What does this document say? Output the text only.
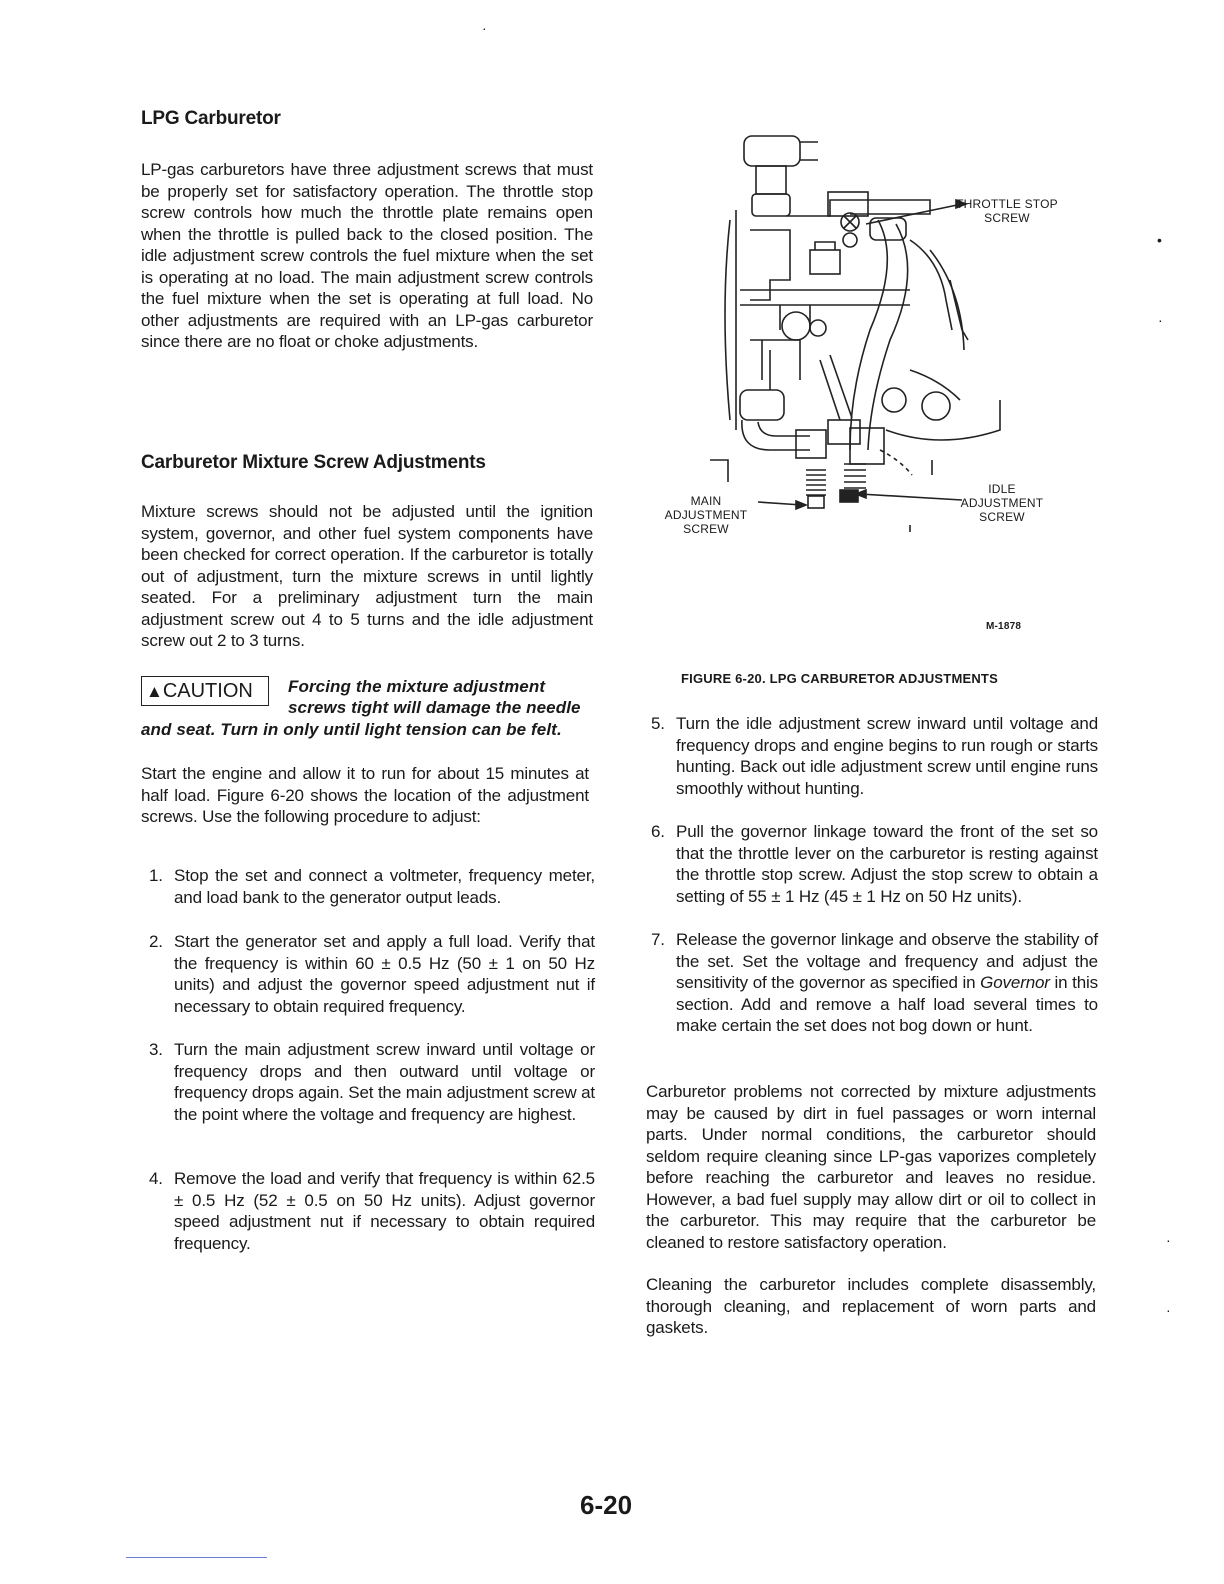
LPG Carburetor

LP-gas carburetors have three adjustment screws that must be properly set for satisfactory operation. The throttle stop screw controls how much the throttle plate remains open when the throttle is pulled back to the closed position. The idle adjustment screw controls the fuel mixture when the set is operating at no load. The main adjustment screw controls the fuel mixture when the set is operating at full load. No other adjustments are required with an LP-gas carburetor since there are no float or choke adjustments.

Carburetor Mixture Screw Adjustments

Mixture screws should not be adjusted until the ignition system, governor, and other fuel system components have been checked for correct operation. If the carburetor is totally out of adjustment, turn the mixture screws in until lightly seated. For a preliminary adjustment turn the main adjustment screw out 4 to 5 turns and the idle adjustment screw out 2 to 3 turns.

▲CAUTION	Forcing the mixture adjustment
screws tight will damage the needle
and seat. Turn in only until light tension can be felt.

Start the engine and allow it to run for about 15 minutes at half load. Figure 6-20 shows the location of the adjustment screws. Use the following procedure to adjust:

1. Stop the set and connect a voltmeter, frequency meter, and load bank to the generator output leads.
2. Start the generator set and apply a full load. Verify that the frequency is within 60 ± 0.5 Hz (50 ± 1 on 50 Hz units) and adjust the governor speed adjustment nut if necessary to obtain required frequency.
3. Turn the main adjustment screw inward until voltage or frequency drops and then outward until voltage or frequency drops again. Set the main adjustment screw at the point where the voltage and frequency are highest.
4. Remove the load and verify that frequency is within 62.5 ± 0.5 Hz (52 ± 0.5 on 50 Hz units). Adjust governor speed adjustment nut if necessary to obtain required frequency.
THROTTLE STOP
SCREW
IDLE
ADJUSTMENT
SCREW
MAIN
ADJUSTMENT
SCREW
M-1878
FIGURE 6-20. LPG CARBURETOR ADJUSTMENTS
5. Turn the idle adjustment screw inward until voltage and frequency drops and engine begins to run rough or starts hunting. Back out idle adjustment screw until engine runs smoothly without hunting.
6. Pull the governor linkage toward the front of the set so that the throttle lever on the carburetor is resting against the throttle stop screw. Adjust the stop screw to obtain a setting of 55 ± 1 Hz (45 ± 1 Hz on 50 Hz units).
7. Release the governor linkage and observe the stability of the set. Set the voltage and frequency and adjust the sensitivity of the governor as specified in Governor in this section. Add and remove a half load several times to make certain the set does not bog down or hunt.

Carburetor problems not corrected by mixture adjustments may be caused by dirt in fuel passages or worn internal parts. Under normal conditions, the carburetor should seldom require cleaning since LP-gas vaporizes completely before reaching the carburetor and leaves no residue. However, a bad fuel supply may allow dirt or oil to collect in the carburetor. This may require that the carburetor be cleaned to restore satisfactory operation.

Cleaning the carburetor includes complete disassembly, thorough cleaning, and replacement of worn parts and gaskets.

6-20
·
•
·
·
·
